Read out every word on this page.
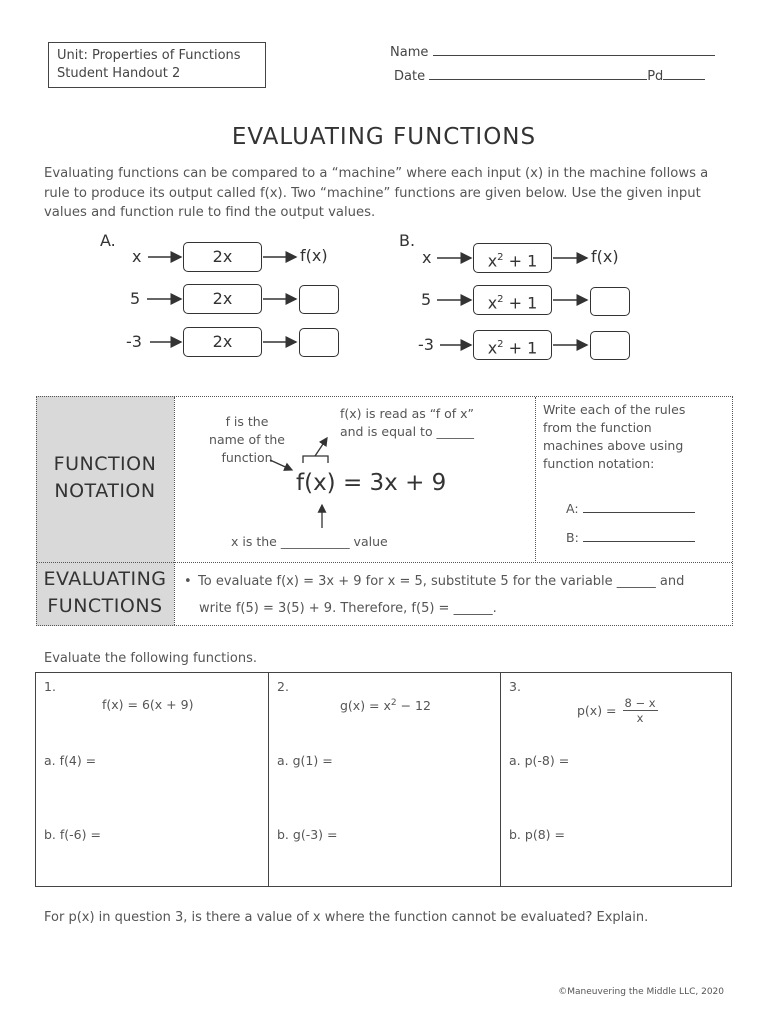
Unit: Properties of Functions
Student Handout 2
Name
Date	Pd
EVALUATING FUNCTIONS
Evaluating functions can be compared to a “machine” where each input (x) in the machine follows a rule to produce its output called f(x). Two “machine” functions are given below. Use the given input values and function rule to find the output values.
A.
x
5
-3
2x
2x
2x
f(x)
B.
x
5
-3
$x^2 + 1$
$x^2 + 1$
$x^2 + 1$
f(x)
FUNCTION
NOTATION
f is the
name of the
function
f(x) is read as “f of x”
and is equal to ______
f(x) = 3x + 9
x is the ___________ value
Write each of the rules
from the function
machines above using
function notation:
A:
B:
EVALUATING
FUNCTIONS
• To evaluate f(x) = 3x + 9 for x = 5, substitute 5 for the variable ______ and
write f(5) = 3(5) + 9. Therefore, f(5) = ______.
Evaluate the following functions.
1.
f(x) = 6(x + 9)
a. f(4) =
b. f(-6) =
2.
$g(x) = x^2 - 12$
a. g(1) =
b. g(-3) =
3.
$p(x) = \frac{8 - x}{x}$
a. p(-8) =
b. p(8) =
For p(x) in question 3, is there a value of x where the function cannot be evaluated? Explain.
©Maneuvering the Middle LLC, 2020
